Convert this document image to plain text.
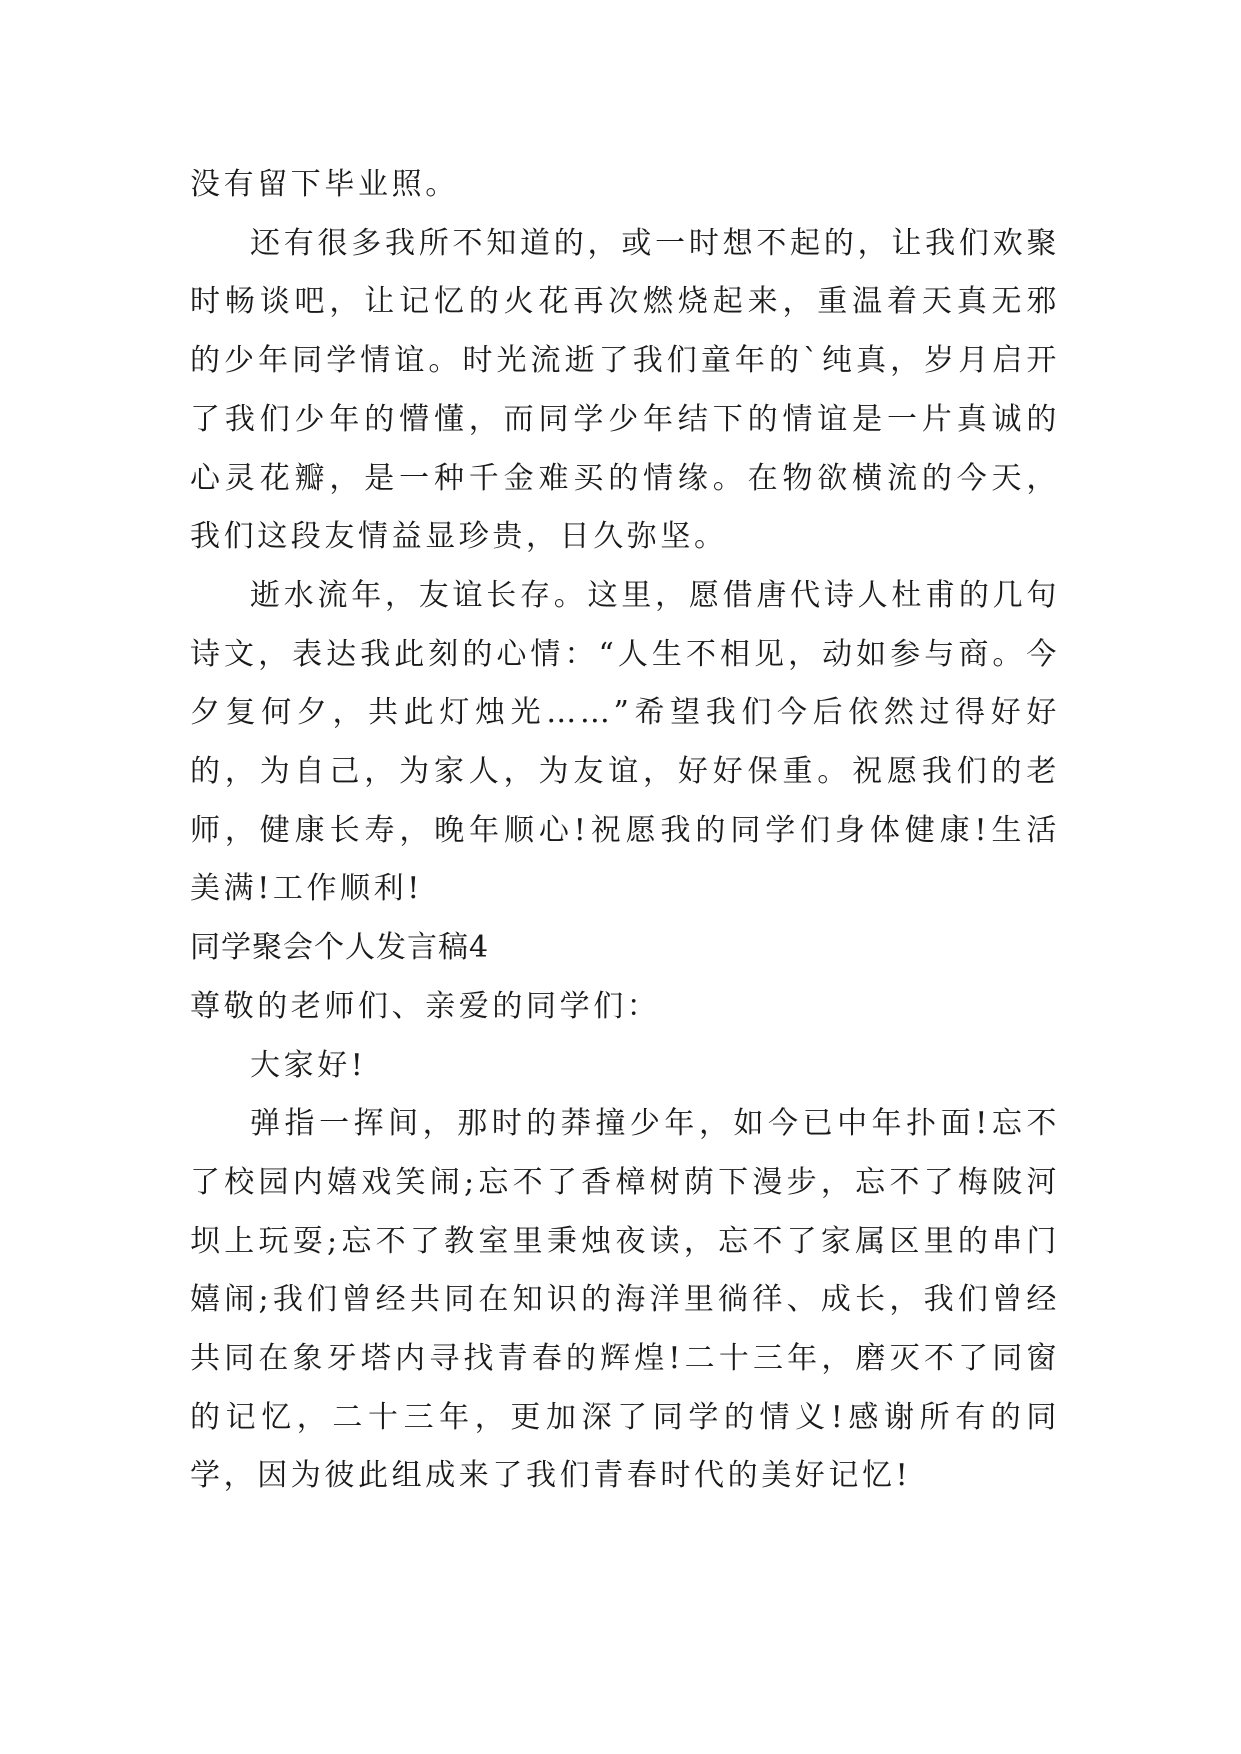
没有留下毕业照。

还有很多我所不知道的，或一时想不起的，让我们欢聚时畅谈吧，让记忆的火花再次燃烧起来，重温着天真无邪的少年同学情谊。时光流逝了我们童年的`纯真，岁月启开了我们少年的懵懂，而同学少年结下的情谊是一片真诚的心灵花瓣，是一种千金难买的情缘。在物欲横流的今天，我们这段友情益显珍贵，日久弥坚。

逝水流年，友谊长存。这里，愿借唐代诗人杜甫的几句诗文，表达我此刻的心情：“人生不相见，动如参与商。今夕复何夕，共此灯烛光……”希望我们今后依然过得好好的，为自己，为家人，为友谊，好好保重。祝愿我们的老师，健康长寿，晚年顺心!祝愿我的同学们身体健康!生活美满!工作顺利!

同学聚会个人发言稿4

尊敬的老师们、亲爱的同学们：

大家好!

弹指一挥间，那时的莽撞少年，如今已中年扑面!忘不了校园内嬉戏笑闹;忘不了香樟树荫下漫步，忘不了梅陂河坝上玩耍;忘不了教室里秉烛夜读，忘不了家属区里的串门嬉闹;我们曾经共同在知识的海洋里徜徉、成长，我们曾经共同在象牙塔内寻找青春的辉煌!二十三年，磨灭不了同窗的记忆，二十三年，更加深了同学的情义!感谢所有的同学，因为彼此组成来了我们青春时代的美好记忆!
